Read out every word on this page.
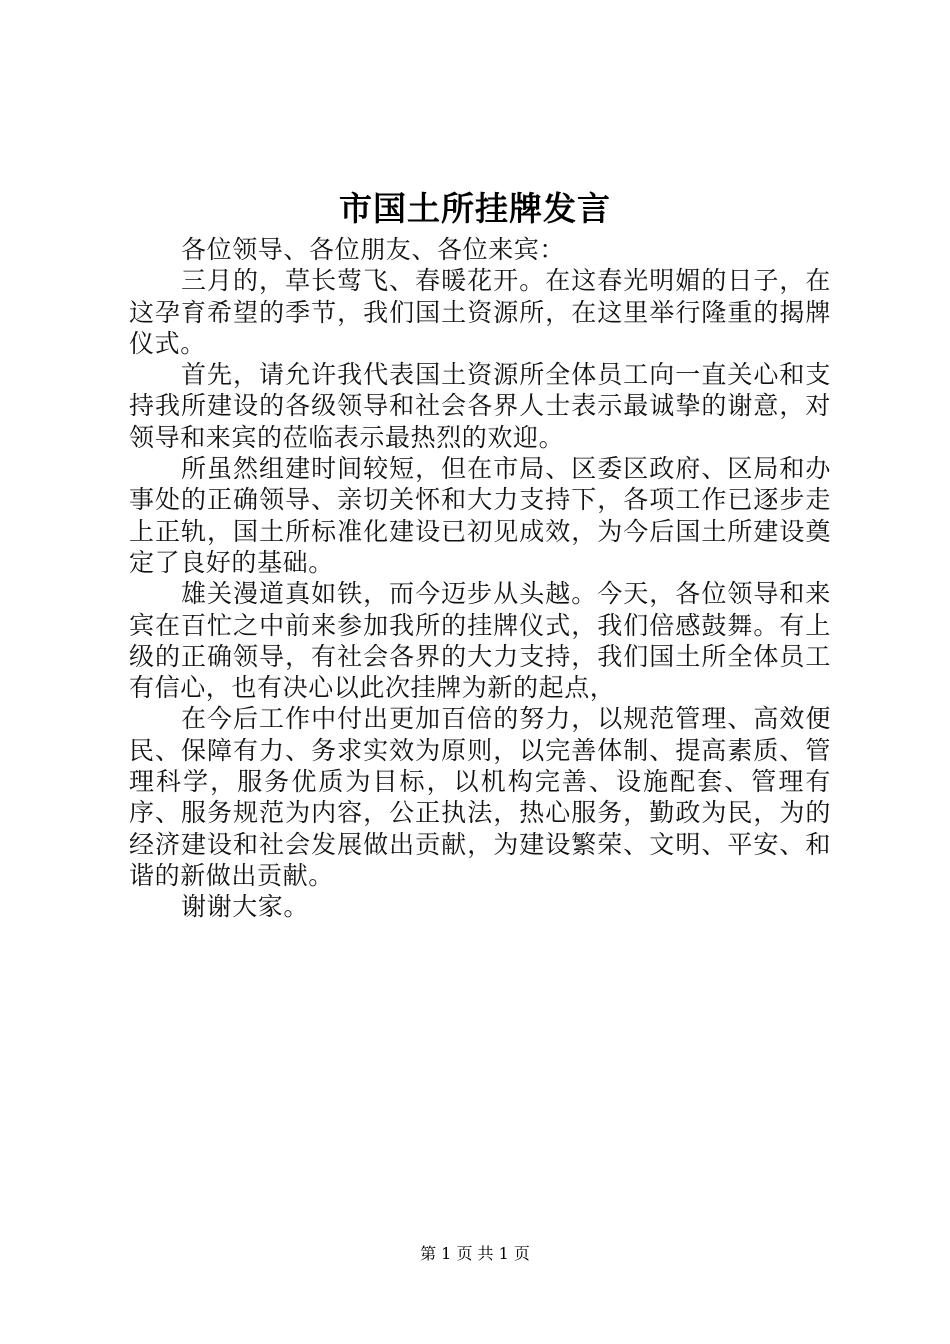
市国土所挂牌发言

各位领导、各位朋友、各位来宾：

三月的，草长莺飞、春暖花开。在这春光明媚的日子，在这孕育希望的季节，我们国土资源所，在这里举行隆重的揭牌仪式。

首先，请允许我代表国土资源所全体员工向一直关心和支持我所建设的各级领导和社会各界人士表示最诚挚的谢意，对领导和来宾的莅临表示最热烈的欢迎。

所虽然组建时间较短，但在市局、区委区政府、区局和办事处的正确领导、亲切关怀和大力支持下，各项工作已逐步走上正轨，国土所标准化建设已初见成效，为今后国土所建设奠定了良好的基础。

雄关漫道真如铁，而今迈步从头越。今天，各位领导和来宾在百忙之中前来参加我所的挂牌仪式，我们倍感鼓舞。有上级的正确领导，有社会各界的大力支持，我们国土所全体员工有信心，也有决心以此次挂牌为新的起点，

在今后工作中付出更加百倍的努力，以规范管理、高效便民、保障有力、务求实效为原则，以完善体制、提高素质、管理科学，服务优质为目标，以机构完善、设施配套、管理有序、服务规范为内容，公正执法，热心服务，勤政为民，为的经济建设和社会发展做出贡献，为建设繁荣、文明、平安、和谐的新做出贡献。

谢谢大家。

第 1 页 共 1 页
